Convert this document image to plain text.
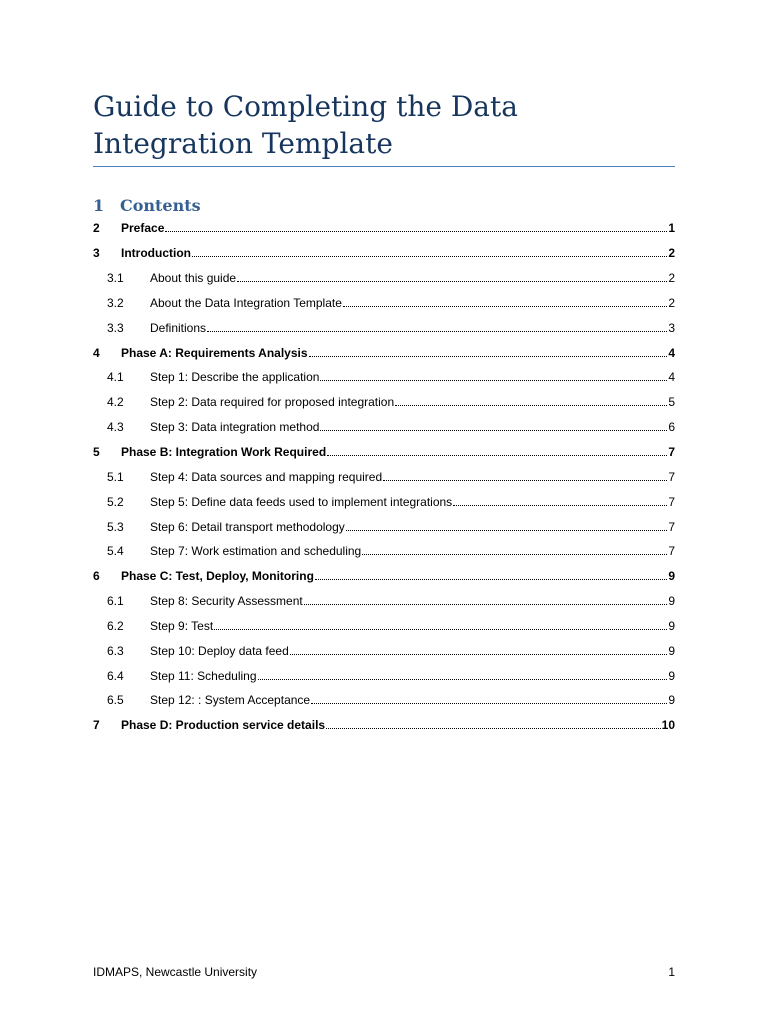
Guide to Completing the Data Integration Template
1 Contents
2 Preface	1
3 Introduction	2
3.1 About this guide	2
3.2 About the Data Integration Template	2
3.3 Definitions	3
4 Phase A: Requirements Analysis	4
4.1 Step 1: Describe the application	4
4.2 Step 2: Data required for proposed integration	5
4.3 Step 3: Data integration method	6
5 Phase B: Integration Work Required	7
5.1 Step 4: Data sources and mapping required	7
5.2 Step 5: Define data feeds used to implement integrations	7
5.3 Step 6: Detail transport methodology	7
5.4 Step 7: Work estimation and scheduling	7
6 Phase C: Test, Deploy, Monitoring	9
6.1 Step 8: Security Assessment	9
6.2 Step 9: Test	9
6.3 Step 10: Deploy data feed	9
6.4 Step 11: Scheduling	9
6.5 Step 12: : System Acceptance	9
7 Phase D: Production service details	10
IDMAPS, Newcastle University	1
